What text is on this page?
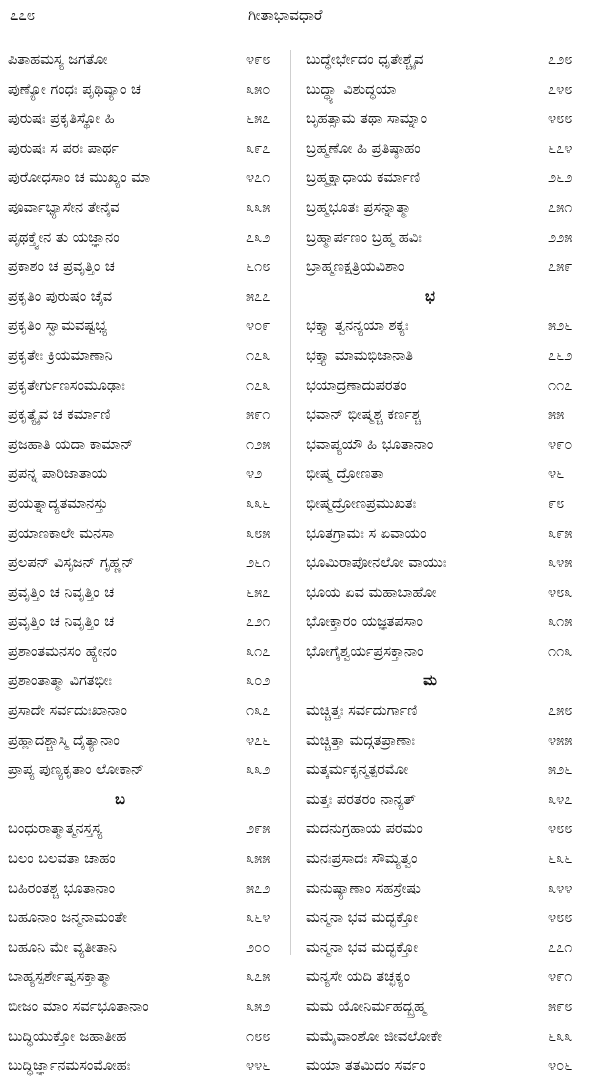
೭೭೮	ಗೀತಾಭಾವಧಾರೆ
ಪಿತಾಹಮಸ್ಯ ಜಗತೋ	೪೯೮	ಬುದ್ಧೇರ್ಭೇದಂ ಧೃತೇಶ್ಚೈವ	೭೨೮
ಪುಣ್ಯೋ ಗಂಧಃ ಪೃಥಿವ್ಯಾಂ ಚ	೩೫೦	ಬುದ್ಧ್ಯಾ ವಿಶುದ್ಧಯಾ	೭೪೮
ಪುರುಷಃ ಪ್ರಕೃತಿಸ್ಥೋ ಹಿ	೬೫೭	ಬೃಹತ್ಸಾಮ ತಥಾ ಸಾಮ್ನಾಂ	೪೮೮
ಪುರುಷಃ ಸ ಪರಃ ಪಾರ್ಥ	೩೯೭	ಬ್ರಹ್ಮಣೋ ಹಿ ಪ್ರತಿಷ್ಠಾಹಂ	೬೭೪
ಪುರೋಧಸಾಂ ಚ ಮುಖ್ಯಂ ಮಾ	೪೭೧	ಬ್ರಹ್ಮಕ್ಷಾಧಾಯ ಕರ್ಮಾಣಿ	೨೬೨
ಪೂರ್ವಾಭ್ಯಾಸೇನ ತೇನೈವ	೩೩೫	ಬ್ರಹ್ಮಭೂತಃ ಪ್ರಸನ್ನಾತ್ಮಾ	೭೫೧
ಪೃಥಕ್ತ್ವೇನ ತು ಯಜ್ಞಾನಂ	೭೩೨	ಬ್ರಹ್ಮಾರ್ಪಣಂ ಬ್ರಹ್ಮ ಹವಿಃ	೨೨೫
ಪ್ರಕಾಶಂ ಚ ಪ್ರವೃತ್ತಿಂ ಚ	೬೧೮	ಬ್ರಾಹ್ಮಣಕ್ಷತ್ರಿಯವಿಶಾಂ	೭೫೯
ಪ್ರಕೃತಿಂ ಪುರುಷಂ ಚೈವ	೫೭೭	ಭ
ಪ್ರಕೃತಿಂ ಸ್ವಾಮವಷ್ಟಭ್ಯ	೪೦೯	ಭಕ್ತ್ಯಾ ತ್ವನನ್ಯಯಾ ಶಕ್ಯಃ	೫೨೬
ಪ್ರಕೃತೇಃ ಕ್ರಿಯಮಾಣಾನಿ	೧೭೩	ಭಕ್ತ್ಯಾ ಮಾಮಭಿಜಾನಾತಿ	೭೬೨
ಪ್ರಕೃತೇರ್ಗುಣಸಂಮೂಢಾಃ	೧೭೩	ಭಯಾದ್ರಣಾದುಪರತಂ	೧೧೭
ಪ್ರಕೃತ್ಯೈವ ಚ ಕರ್ಮಾಣಿ	೫೯೧	ಭವಾನ್ ಭೀಷ್ಮಶ್ಚ ಕರ್ಣಶ್ಚ	೫೫
ಪ್ರಜಹಾತಿ ಯದಾ ಕಾಮಾನ್	೧೨೫	ಭವಾಪ್ಯಯೌ ಹಿ ಭೂತಾನಾಂ	೪೯೦
ಪ್ರಪನ್ನ ಪಾರಿಜಾತಾಯ	೪೨	ಭೀಷ್ಮ ದ್ರೋಣತಾ	೪೬
ಪ್ರಯತ್ನಾದ್ಯತಮಾನಸ್ತು	೩೩೬	ಭೀಷ್ಮದ್ರೋಣಪ್ರಮುಖತಃ	೯೮
ಪ್ರಯಾಣಕಾಲೇ ಮನಸಾ	೩೮೫	ಭೂತಗ್ರಾಮಃ ಸ ಏವಾಯಂ	೩೯೫
ಪ್ರಲಪನ್ ವಿಸೃಜನ್ ಗೃಹ್ಣನ್	೨೬೧	ಭೂಮಿರಾಪೋನಲೋ ವಾಯುಃ	೩೪೫
ಪ್ರವೃತ್ತಿಂ ಚ ನಿವೃತ್ತಿಂ ಚ	೬೫೭	ಭೂಯ ಏವ ಮಹಾಬಾಹೋ	೪೮೩
ಪ್ರವೃತ್ತಿಂ ಚ ನಿವೃತ್ತಿಂ ಚ	೭೨೧	ಭೋಕ್ತಾರಂ ಯಜ್ಞತಪಸಾಂ	೩೧೫
ಪ್ರಶಾಂತಮನಸಂ ಹ್ಯೇನಂ	೩೧೭	ಭೋಗೈಶ್ವರ್ಯಪ್ರಸಕ್ತಾನಾಂ	೧೧೩
ಪ್ರಶಾಂತಾತ್ಮಾ ವಿಗತಭೀಃ	೩೦೨	ಮ
ಪ್ರಸಾದೇ ಸರ್ವದುಃಖಾನಾಂ	೧೩೭	ಮಚ್ಚಿತ್ತಃ ಸರ್ವದುರ್ಗಾಣಿ	೭೫೮
ಪ್ರಹ್ಲಾದಶ್ಚಾಸ್ಮಿ ದೈತ್ಯಾನಾಂ	೪೭೬	ಮಚ್ಚಿತ್ತಾ ಮದ್ಗತಪ್ರಾಣಾಃ	೪೫೫
ಪ್ರಾಪ್ಯ ಪುಣ್ಯಕೃತಾಂ ಲೋಕಾನ್	೩೩೨	ಮತ್ಕರ್ಮಕೃನ್ಮತ್ಪರಮೋ	೫೨೬
ಬ	ಮತ್ತಃ ಪರತರಂ ನಾನ್ಯತ್	೩೪೭
ಬಂಧುರಾತ್ಮಾತ್ಮನಸ್ತಸ್ಯ	೨೯೫	ಮದನುಗ್ರಹಾಯ ಪರಮಂ	೪೮೮
ಬಲಂ ಬಲವತಾ ಚಾಹಂ	೩೫೫	ಮನಃಪ್ರಸಾದಃ ಸೌಮ್ಯತ್ವಂ	೬೩೬
ಬಹಿರಂತಶ್ಚ ಭೂತಾನಾಂ	೫೭೨	ಮನುಷ್ಯಾಣಾಂ ಸಹಸ್ರೇಷು	೩೪೪
ಬಹೂನಾಂ ಜನ್ಮನಾಮಂತೇ	೩೬೪	ಮನ್ಮನಾ ಭವ ಮದ್ಭಕ್ತೋ	೪೮೮
ಬಹೂನಿ ಮೇ ವ್ಯತೀತಾನಿ	೨೦೦	ಮನ್ಮನಾ ಭವ ಮದ್ಭಕ್ತೋ	೭೭೧
ಬಾಹ್ಯಸ್ಪರ್ಶೇಷ್ವಸಕ್ತಾತ್ಮಾ	೩೭೫	ಮನ್ಯಸೇ ಯದಿ ತಚ್ಛಕ್ಯಂ	೪೯೧
ಬೀಜಂ ಮಾಂ ಸರ್ವಭೂತಾನಾಂ	೩೫೨	ಮಮ ಯೋನಿರ್ಮಹದ್ಬ್ರಹ್ಮ	೫೯೮
ಬುದ್ಧಿಯುಕ್ತೋ ಜಹಾತೀಹ	೧೮೮	ಮಮೈವಾಂಶೋ ಜೀವಲೋಕೇ	೬೩೩
ಬುದ್ಧಿರ್ಜ್ಞಾನಮಸಂಮೋಹಃ	೪೪೬	ಮಯಾ ತತಮಿದಂ ಸರ್ವಂ	೪೦೬
